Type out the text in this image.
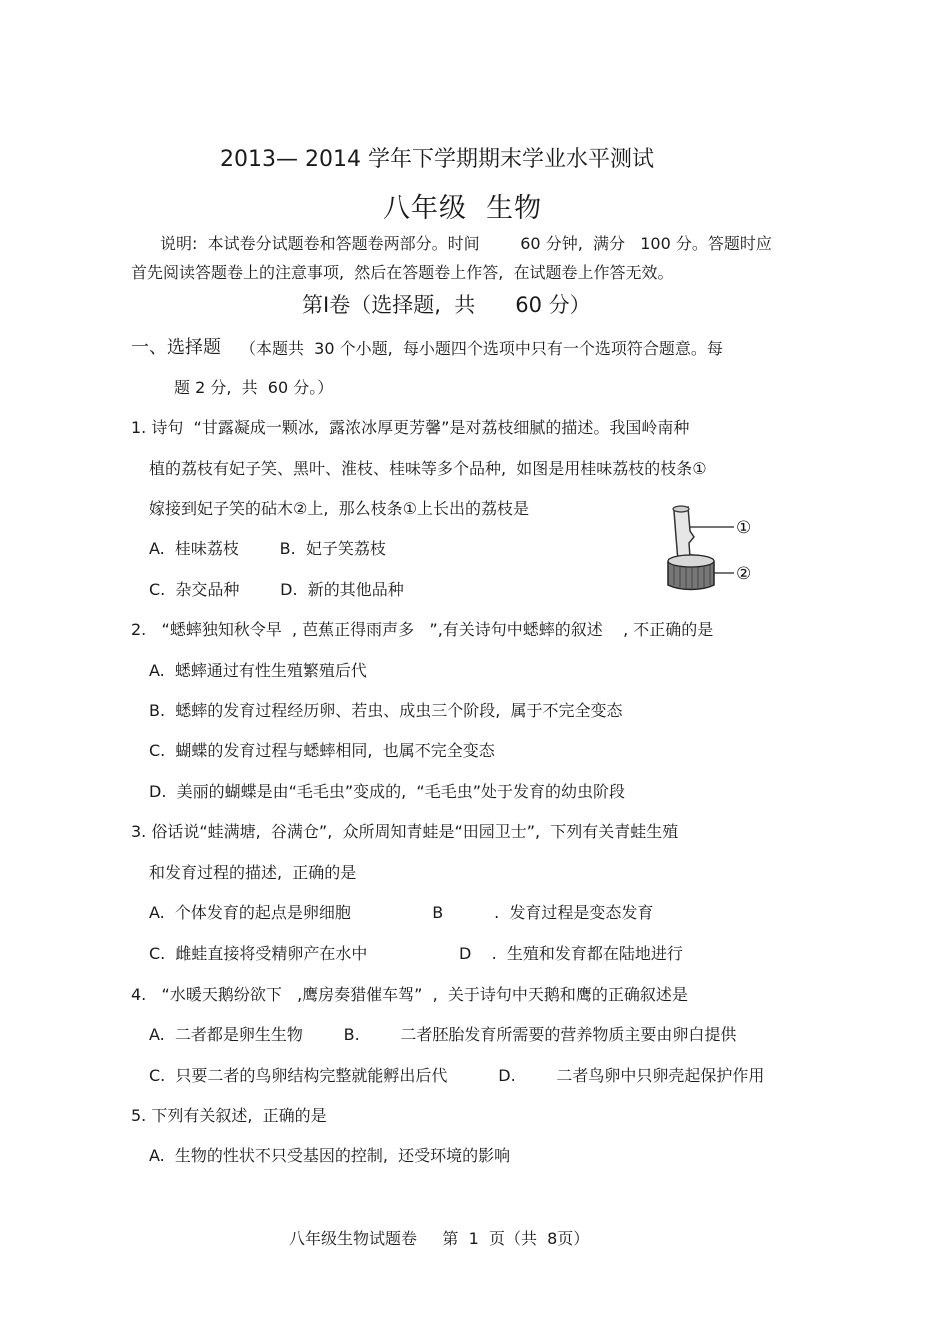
2013— 2014 学年下学期期末学业水平测试
八年级  生物
说明:  本试卷分试题卷和答题卷两部分。时间        60 分钟,  满分   100 分。答题时应
首先阅读答题卷上的注意事项,  然后在答题卷上作答,  在试题卷上作答无效。
第Ⅰ卷（选择题,  共      60 分）
一、选择题 （本题共  30 个小题,  每小题四个选项中只有一个选项符合题意。每
题 2 分,  共  60 分。）
1. 诗句  “甘露凝成一颗冰,  露浓冰厚更芳馨”是对荔枝细腻的描述。我国岭南种
植的荔枝有妃子笑、黑叶、淮枝、桂味等多个品种,  如图是用桂味荔枝的枝条①
嫁接到妃子笑的砧木②上,  那么枝条①上长出的荔枝是
A.  桂味荔枝        B.  妃子笑荔枝
C.  杂交品种        D.  新的其他品种
①
②
2.   “蟋蟀独知秋令早  , 芭蕉正得雨声多   ”,有关诗句中蟋蟀的叙述    , 不正确的是
A.  蟋蟀通过有性生殖繁殖后代
B.  蟋蟀的发育过程经历卵、若虫、成虫三个阶段,  属于不完全变态
C.  蝴蝶的发育过程与蟋蟀相同,  也属不完全变态
D.  美丽的蝴蝶是由“毛毛虫”变成的,  “毛毛虫”处于发育的幼虫阶段
3. 俗话说“蛙满塘,  谷满仓”,  众所周知青蛙是“田园卫士”,  下列有关青蛙生殖
和发育过程的描述,  正确的是
A.  个体发育的起点是卵细胞                B          .  发育过程是变态发育
C.  雌蛙直接将受精卵产在水中                  D    .  生殖和发育都在陆地进行
4.   “水暖天鹅纷欲下   ,鹰房奏猎催车驾”  ,  关于诗句中天鹅和鹰的正确叙述是
A.  二者都是卵生生物        B.        二者胚胎发育所需要的营养物质主要由卵白提供
C.  只要二者的鸟卵结构完整就能孵出后代          D.        二者鸟卵中只卵壳起保护作用
5. 下列有关叙述,  正确的是
A.  生物的性状不只受基因的控制,  还受环境的影响
八年级生物试题卷     第  1  页（共  8页）
